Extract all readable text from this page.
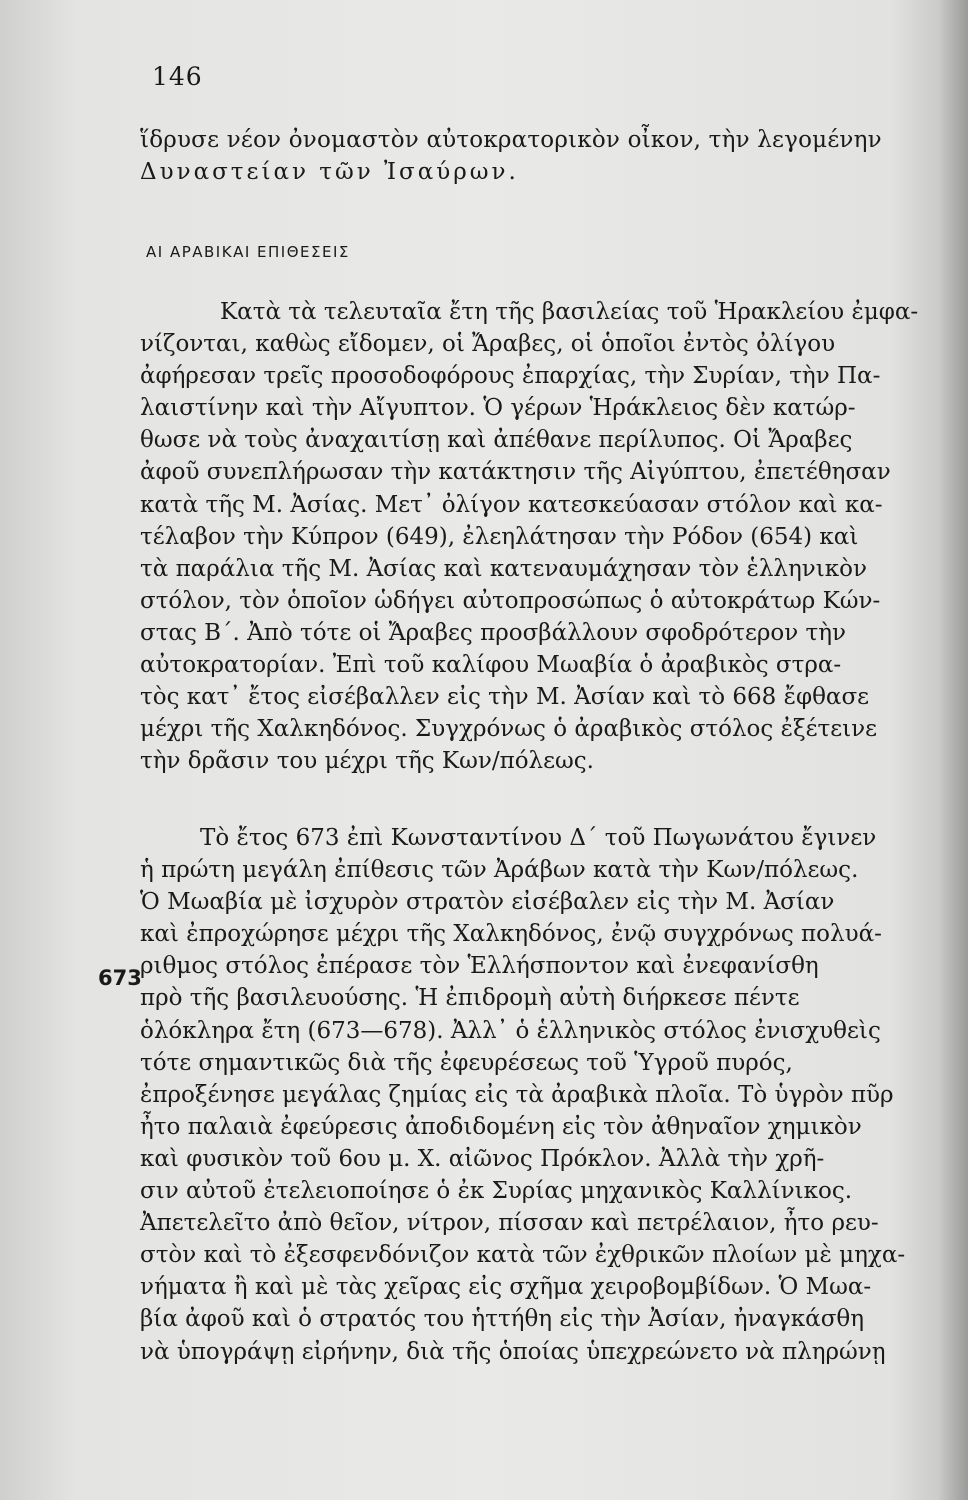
146
ἵδρυσε νέον ὀνομαστὸν αὐτοκρατορικὸν οἶκον, τὴν λεγομένην
Δυναστείαν τῶν Ἰσαύρων.
ΑΙ ΑΡΑΒΙΚΑΙ ΕΠΙΘΕΣΕΙΣ
Κατὰ τὰ τελευταῖα ἔτη τῆς βασιλείας τοῦ Ἡρακλείου ἐμφα-
νίζονται, καθὼς εἴδομεν, οἱ Ἄραβες, οἱ ὁποῖοι ἐντὸς ὀλίγου
ἀφήρεσαν τρεῖς προσοδοφόρους ἐπαρχίας, τὴν Συρίαν, τὴν Πα-
λαιστίνην καὶ τὴν Αἴγυπτον. Ὁ γέρων Ἡράκλειος δὲν κατώρ-
θωσε νὰ τοὺς ἀναχαιτίσῃ καὶ ἀπέθανε περίλυπος. Οἱ Ἄραβες
ἀφοῦ συνεπλήρωσαν τὴν κατάκτησιν τῆς Αἰγύπτου, ἐπετέθησαν
κατὰ τῆς Μ. Ἀσίας. Μετ᾽ ὀλίγον κατεσκεύασαν στόλον καὶ κα-
τέλαβον τὴν Κύπρον (649), ἐλεηλάτησαν τὴν Ρόδον (654) καὶ
τὰ παράλια τῆς Μ. Ἀσίας καὶ κατεναυμάχησαν τὸν ἑλληνικὸν
στόλον, τὸν ὁποῖον ὡδήγει αὐτοπροσώπως ὁ αὐτοκράτωρ Κών-
στας Β΄. Ἀπὸ τότε οἱ Ἄραβες προσβάλλουν σφοδρότερον τὴν
αὐτοκρατορίαν. Ἐπὶ τοῦ καλίφου Μωαβία ὁ ἀραβικὸς στρα-
τὸς κατ᾽ ἔτος εἰσέβαλλεν εἰς τὴν Μ. Ἀσίαν καὶ τὸ 668 ἔφθασε
μέχρι τῆς Χαλκηδόνος. Συγχρόνως ὁ ἀραβικὸς στόλος ἐξέτεινε
τὴν δρᾶσιν του μέχρι τῆς Κων/πόλεως.
Τὸ ἔτος 673 ἐπὶ Κωνσταντίνου Δ΄ τοῦ Πωγωνάτου ἔγινεν
ἡ πρώτη μεγάλη ἐπίθεσις τῶν Ἀράβων κατὰ τὴν Κων/πόλεως.
Ὁ Μωαβία μὲ ἰσχυρὸν στρατὸν εἰσέβαλεν εἰς τὴν Μ. Ἀσίαν
καὶ ἐπροχώρησε μέχρι τῆς Χαλκηδόνος, ἐνῷ συγχρόνως πολυά-
ριθμος στόλος ἐπέρασε τὸν Ἑλλήσποντον καὶ ἐνεφανίσθη
πρὸ τῆς βασιλευούσης. Ἡ ἐπιδρομὴ αὐτὴ διήρκεσε πέντε
ὁλόκληρα ἔτη (673—678). Ἀλλ᾽ ὁ ἑλληνικὸς στόλος ἐνισχυθεὶς
τότε σημαντικῶς διὰ τῆς ἐφευρέσεως τοῦ Ὑγροῦ πυρός,
ἐπροξένησε μεγάλας ζημίας εἰς τὰ ἀραβικὰ πλοῖα. Τὸ ὑγρὸν πῦρ
ἦτο παλαιὰ ἐφεύρεσις ἀποδιδομένη εἰς τὸν ἀθηναῖον χημικὸν
καὶ φυσικὸν τοῦ 6ου μ. Χ. αἰῶνος Πρόκλον. Ἀλλὰ τὴν χρῆ-
σιν αὐτοῦ ἐτελειοποίησε ὁ ἐκ Συρίας μηχανικὸς Καλλίνικος.
Ἀπετελεῖτο ἀπὸ θεῖον, νίτρον, πίσσαν καὶ πετρέλαιον, ἦτο ρευ-
στὸν καὶ τὸ ἐξεσφενδόνιζον κατὰ τῶν ἐχθρικῶν πλοίων μὲ μηχα-
νήματα ἢ καὶ μὲ τὰς χεῖρας εἰς σχῆμα χειροβομβίδων. Ὁ Μωα-
βία ἀφοῦ καὶ ὁ στρατός του ἡττήθη εἰς τὴν Ἀσίαν, ἠναγκάσθη
νὰ ὑπογράψῃ εἰρήνην, διὰ τῆς ὁποίας ὑπεχρεώνετο νὰ πληρώνῃ
673
